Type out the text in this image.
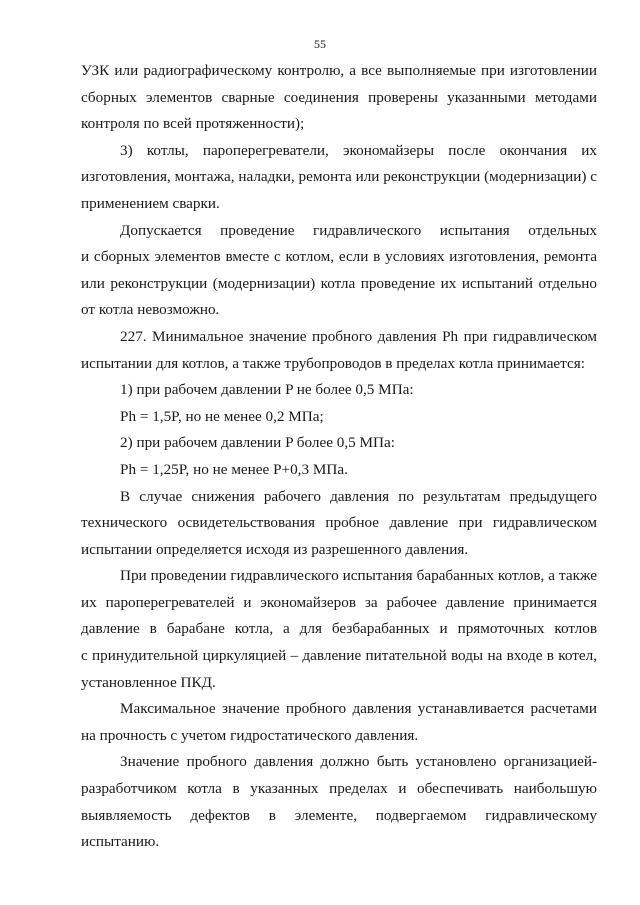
55

УЗК или радиографическому контролю, а все выполняемые при изготовлении
сборных элементов сварные соединения проверены указанными методами
контроля по всей протяженности);

3) котлы, пароперегреватели, экономайзеры после окончания их
изготовления, монтажа, наладки, ремонта или реконструкции (модернизации) с
применением сварки.

Допускается проведение гидравлического испытания отдельных
и сборных элементов вместе с котлом, если в условиях изготовления, ремонта
или реконструкции (модернизации) котла проведение их испытаний отдельно
от котла невозможно.

227. Минимальное значение пробного давления Ph при гидравлическом
испытании для котлов, а также трубопроводов в пределах котла принимается:

1) при рабочем давлении P не более 0,5 МПа:

Ph = 1,5P, но не менее 0,2 МПа;

2) при рабочем давлении P более 0,5 МПа:

Ph = 1,25P, но не менее P+0,3 МПа.

В случае снижения рабочего давления по результатам предыдущего
технического освидетельствования пробное давление при гидравлическом
испытании определяется исходя из разрешенного давления.

При проведении гидравлического испытания барабанных котлов, а также
их пароперегревателей и экономайзеров за рабочее давление принимается
давление в барабане котла, а для безбарабанных и прямоточных котлов
с принудительной циркуляцией – давление питательной воды на входе в котел,
установленное ПКД.

Максимальное значение пробного давления устанавливается расчетами
на прочность с учетом гидростатического давления.

Значение пробного давления должно быть установлено организацией-
разработчиком котла в указанных пределах и обеспечивать наибольшую
выявляемость дефектов в элементе, подвергаемом гидравлическому
испытанию.
